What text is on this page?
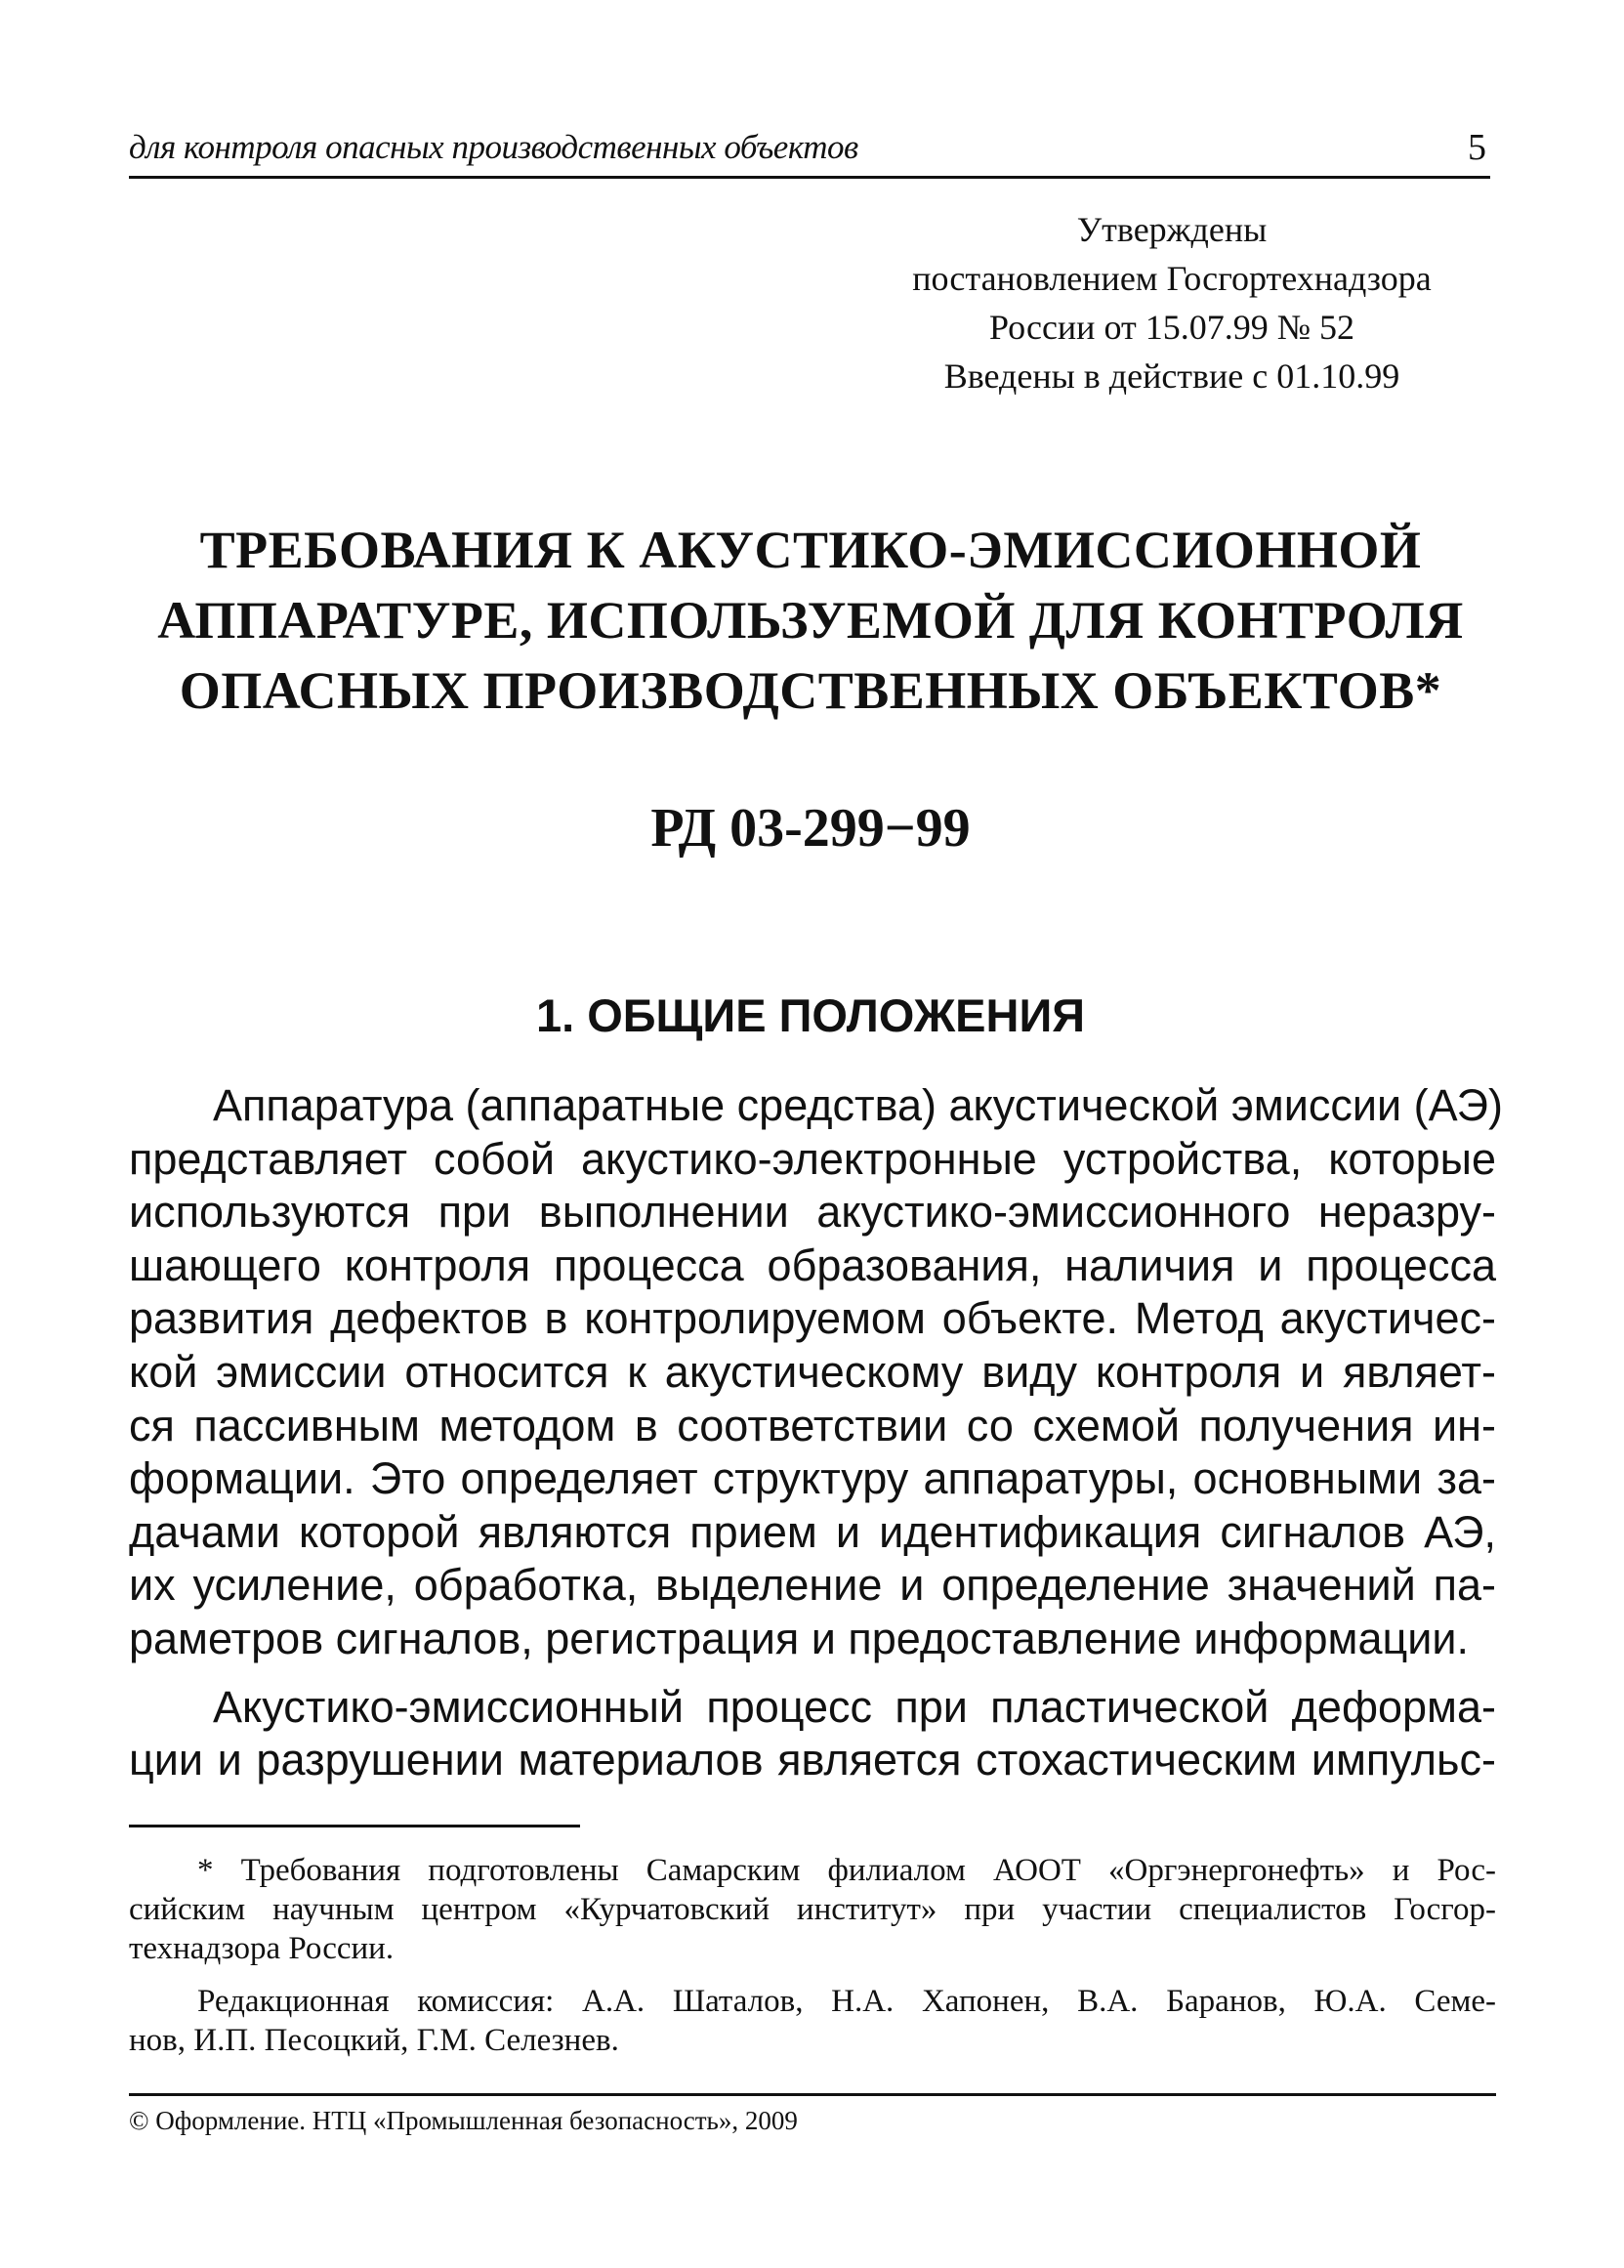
для контроля опасных производственных объектов	5
Утверждены
постановлением Госгортехнадзора
России от 15.07.99 № 52
Введены в действие с 01.10.99
ТРЕБОВАНИЯ К АКУСТИКО-ЭМИССИОННОЙ
АППАРАТУРЕ, ИСПОЛЬЗУЕМОЙ ДЛЯ КОНТРОЛЯ
ОПАСНЫХ ПРОИЗВОДСТВЕННЫХ ОБЪЕКТОВ*
РД 03-299−99
1. ОБЩИЕ ПОЛОЖЕНИЯ
Аппаратура (аппаратные средства) акустической эмиссии (АЭ)
представляет собой акустико-электронные устройства, которые
используются при выполнении акустико-эмиссионного неразру-
шающего контроля процесса образования, наличия и процесса
развития дефектов в контролируемом объекте. Метод акустичес-
кой эмиссии относится к акустическому виду контроля и являет-
ся пассивным методом в соответствии со схемой получения ин-
формации. Это определяет структуру аппаратуры, основными за-
дачами которой являются прием и идентификация сигналов АЭ,
их усиление, обработка, выделение и определение значений па-
раметров сигналов, регистрация и предоставление информации.
Акустико-эмиссионный процесс при пластической деформа-
ции и разрушении материалов является стохастическим импульс-
* Требования подготовлены Самарским филиалом АООТ «Оргэнергонефть» и Рос-
сийским научным центром «Курчатовский институт» при участии специалистов Госгор-
технадзора России.
Редакционная комиссия: А.А. Шаталов, Н.А. Хапонен, В.А. Баранов, Ю.А. Семе-
нов, И.П. Песоцкий, Г.М. Селезнев.
© Оформление. НТЦ «Промышленная безопасность», 2009
